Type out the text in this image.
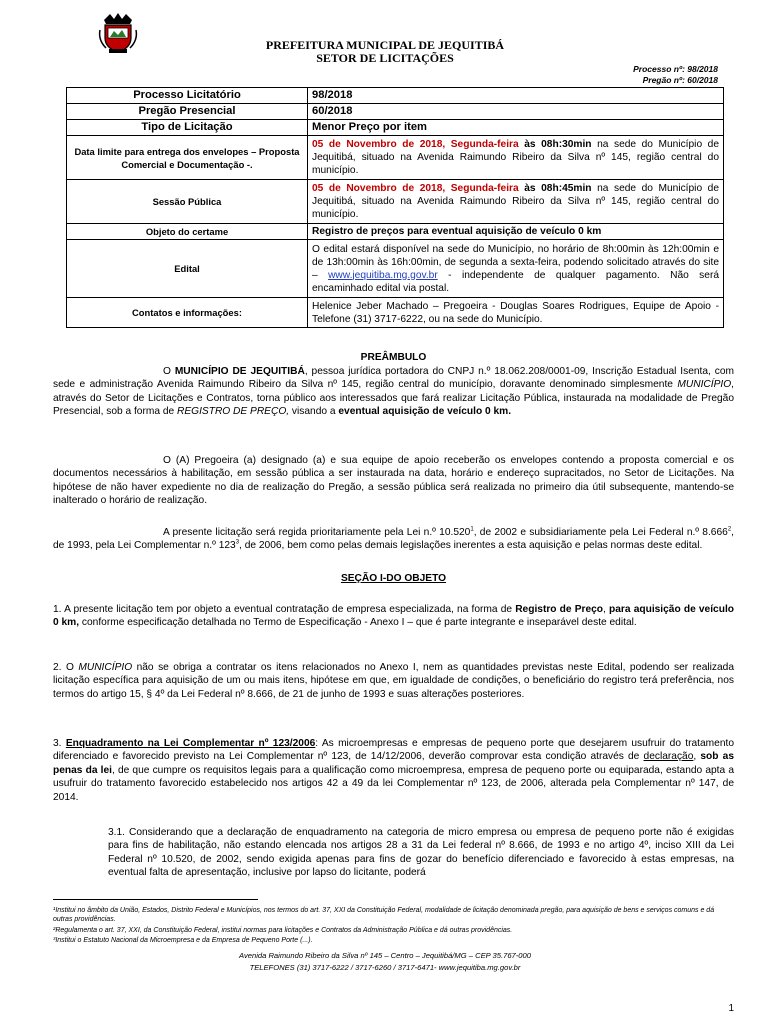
PREFEITURA MUNICIPAL DE JEQUITIBÁ
SETOR DE LICITAÇÕES
Processo nº: 98/2018
Pregão nº: 60/2018
Processo Licitatório	98/2018
Pregão Presencial	60/2018
Tipo de Licitação	Menor Preço por item
Data limite para entrega dos envelopes – Proposta Comercial e Documentação -.	05 de Novembro de 2018, Segunda-feira às 08h:30min na sede do Município de Jequitibá, situado na Avenida Raimundo Ribeiro da Silva nº 145, região central do município.
Sessão Pública	05 de Novembro de 2018, Segunda-feira às 08h:45min na sede do Município de Jequitibá, situado na Avenida Raimundo Ribeiro da Silva nº 145, região central do município.
Objeto do certame	Registro de preços para eventual aquisição de veículo 0 km
Edital	O edital estará disponível na sede do Município, no horário de 8h:00min às 12h:00min e de 13h:00min às 16h:00min, de segunda a sexta-feira, podendo solicitado através do site – www.jequitiba.mg.gov.br - independente de qualquer pagamento. Não será encaminhado edital via postal.
Contatos e informações:	Helenice Jeber Machado – Pregoeira - Douglas Soares Rodrigues, Equipe de Apoio - Telefone (31) 3717-6222, ou na sede do Município.
PREÂMBULO
O MUNICÍPIO DE JEQUITIBÁ, pessoa jurídica portadora do CNPJ n.º 18.062.208/0001-09, Inscrição Estadual Isenta, com sede e administração Avenida Raimundo Ribeiro da Silva nº 145, região central do município, doravante denominado simplesmente MUNICÍPIO, através do Setor de Licitações e Contratos, torna público aos interessados que fará realizar Licitação Pública, instaurada na modalidade de Pregão Presencial, sob a forma de REGISTRO DE PREÇO, visando a eventual aquisição de veículo 0 km.
O (A) Pregoeira (a) designado (a) e sua equipe de apoio receberão os envelopes contendo a proposta comercial e os documentos necessários à habilitação, em sessão pública a ser instaurada na data, horário e endereço supracitados, no Setor de Licitações. Na hipótese de não haver expediente no dia de realização do Pregão, a sessão pública será realizada no primeiro dia útil subsequente, mantendo-se inalterado o horário de realização.
A presente licitação será regida prioritariamente pela Lei n.º 10.520$^1$, de 2002 e subsidiariamente pela Lei Federal n.º 8.666$^2$, de 1993, pela Lei Complementar n.º $123^3$, de 2006, bem como pelas demais legislações inerentes a esta aquisição e pelas normas deste edital.
SEÇÃO I-DO OBJETO
1. A presente licitação tem por objeto a eventual contratação de empresa especializada, na forma de Registro de Preço, para aquisição de veículo 0 km, conforme especificação detalhada no Termo de Especificação - Anexo I – que é parte integrante e inseparável deste edital.
2. O MUNICÍPIO não se obriga a contratar os itens relacionados no Anexo I, nem as quantidades previstas neste Edital, podendo ser realizada licitação específica para aquisição de um ou mais itens, hipótese em que, em igualdade de condições, o beneficiário do registro terá preferência, nos termos do artigo 15, § 4º da Lei Federal nº 8.666, de 21 de junho de 1993 e suas alterações posteriores.
3. Enquadramento na Lei Complementar nº 123/2006: As microempresas e empresas de pequeno porte que desejarem usufruir do tratamento diferenciado e favorecido previsto na Lei Complementar nº 123, de 14/12/2006, deverão comprovar esta condição através de declaração, sob as penas da lei, de que cumpre os requisitos legais para a qualificação como microempresa, empresa de pequeno porte ou equiparada, estando apta a usufruir do tratamento favorecido estabelecido nos artigos 42 a 49 da lei Complementar nº 123, de 2006, alterada pela Complementar nº 147, de 2014.
3.1. Considerando que a declaração de enquadramento na categoria de micro empresa ou empresa de pequeno porte não é exigidas para fins de habilitação, não estando elencada nos artigos 28 a 31 da Lei federal nº 8.666, de 1993 e no artigo 4º, inciso XIII da Lei Federal nº 10.520, de 2002, sendo exigida apenas para fins de gozar do benefício diferenciado e favorecido à estas empresas, na eventual falta de apresentação, inclusive por lapso do licitante, poderá
¹Institui no âmbito da União, Estados, Distrito Federal e Municípios, nos termos do art. 37, XXI da Constituição Federal, modalidade de licitação denominada pregão, para aquisição de bens e serviços comuns e dá outras providências.
²Regulamenta o art. 37, XXI, da Constituição Federal, institui normas para licitações e Contratos da Administração Pública e dá outras providências.
³Institui o Estatuto Nacional da Microempresa e da Empresa de Pequeno Porte (...).
Avenida Raimundo Ribeiro da Silva nº 145 – Centro – Jequitibá/MG – CEP 35.767-000
TELEFONES (31) 3717-6222 / 3717-6260 / 3717-6471- www.jequitiba.mg.gov.br
1
